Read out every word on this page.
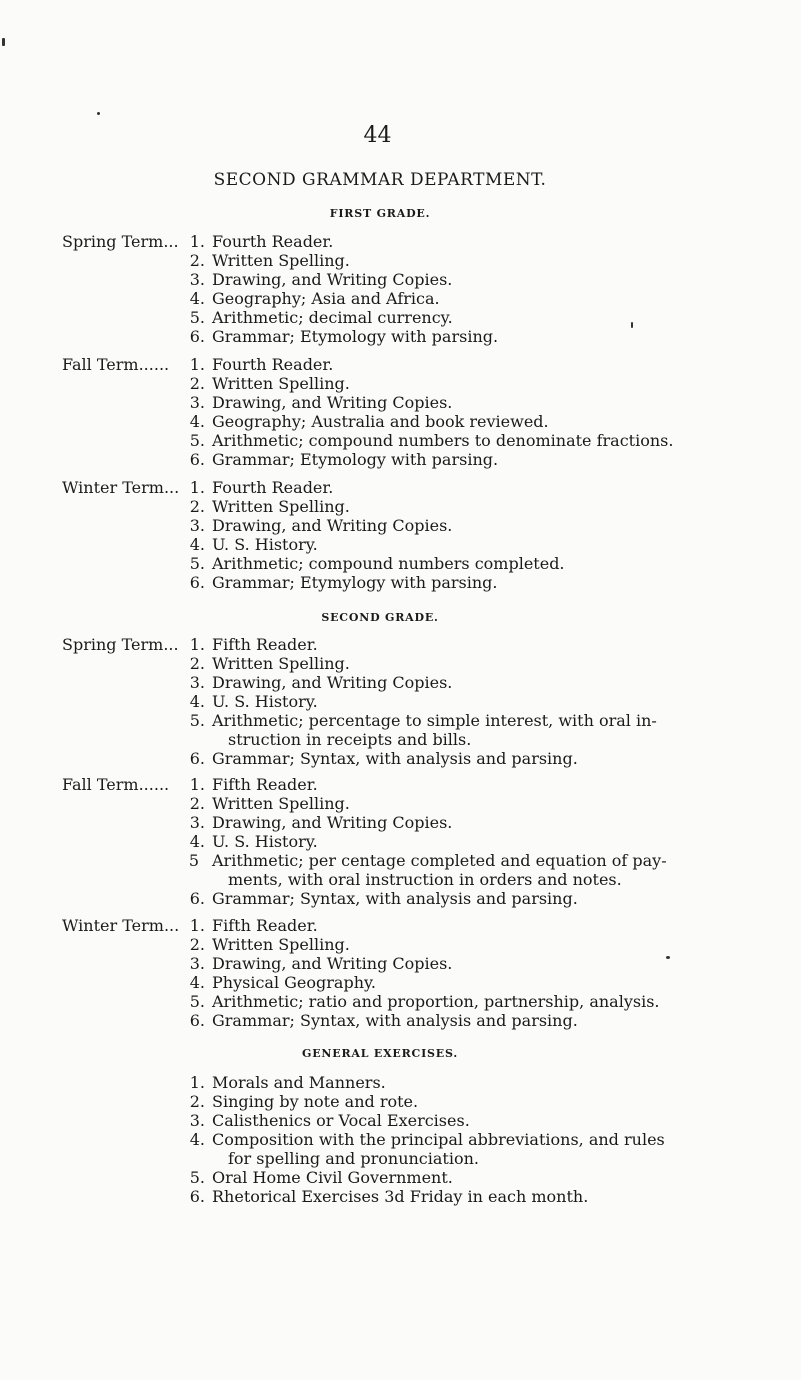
44
SECOND GRAMMAR DEPARTMENT.
FIRST GRADE.
Spring Term... 1. Fourth Reader.
2. Written Spelling.
3. Drawing, and Writing Copies.
4. Geography; Asia and Africa.
5. Arithmetic; decimal currency.
6. Grammar; Etymology with parsing.
Fall Term...... 1. Fourth Reader.
2. Written Spelling.
3. Drawing, and Writing Copies.
4. Geography; Australia and book reviewed.
5. Arithmetic; compound numbers to denominate fractions.
6. Grammar; Etymology with parsing.
Winter Term... 1. Fourth Reader.
2. Written Spelling.
3. Drawing, and Writing Copies.
4. U. S. History.
5. Arithmetic; compound numbers completed.
6. Grammar; Etymylogy with parsing.
SECOND GRADE.
Spring Term... 1. Fifth Reader.
2. Written Spelling.
3. Drawing, and Writing Copies.
4. U. S. History.
5. Arithmetic; percentage to simple interest, with oral in-
struction in receipts and bills.
6. Grammar; Syntax, with analysis and parsing.
Fall Term...... 1. Fifth Reader.
2. Written Spelling.
3. Drawing, and Writing Copies.
4. U. S. History.
5 Arithmetic; per centage completed and equation of pay-
ments, with oral instruction in orders and notes.
6. Grammar; Syntax, with analysis and parsing.
Winter Term... 1. Fifth Reader.
2. Written Spelling.
3. Drawing, and Writing Copies.
4. Physical Geography.
5. Arithmetic; ratio and proportion, partnership, analysis.
6. Grammar; Syntax, with analysis and parsing.
GENERAL EXERCISES.
1. Morals and Manners.
2. Singing by note and rote.
3. Calisthenics or Vocal Exercises.
4. Composition with the principal abbreviations, and rules
for spelling and pronunciation.
5. Oral Home Civil Government.
6. Rhetorical Exercises 3d Friday in each month.
